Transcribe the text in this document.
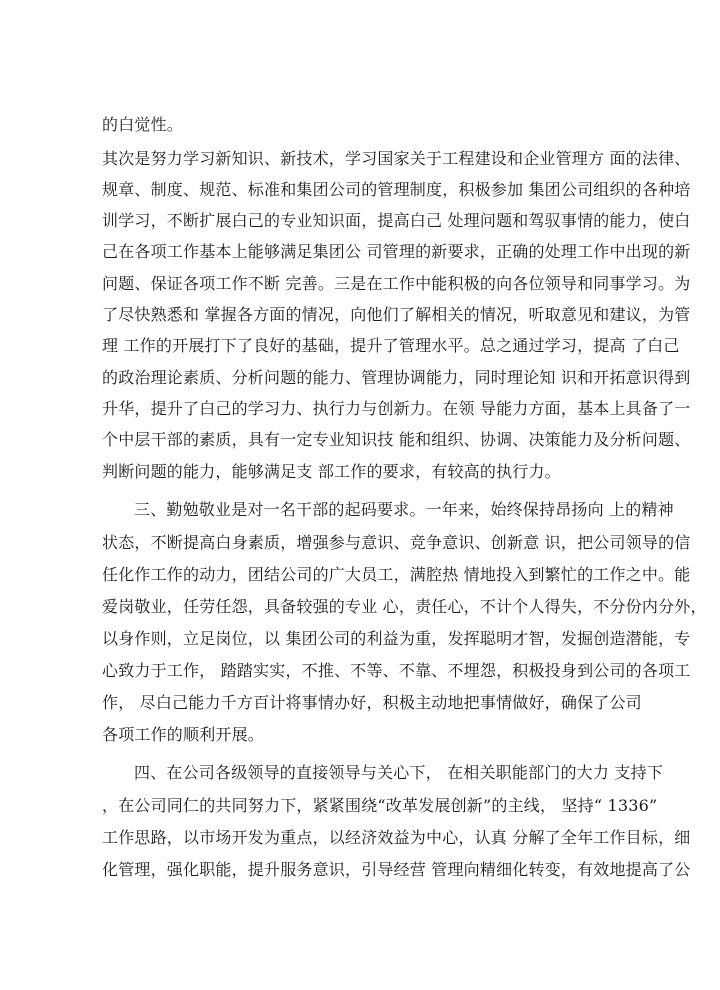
的白觉性。
其次是努力学习新知识、新技术，学习国家关于工程建设和企业管理方 面的法律、
规章、制度、规范、标准和集团公司的管理制度，积极参加 集团公司组织的各种培
训学习，不断扩展白己的专业知识面，提高白己 处理问题和驾驭事情的能力，使白
己在各项工作基本上能够满足集团公 司管理的新要求，正确的处理工作中出现的新
问题、保证各项工作不断 完善。三是在工作中能积极的向各位领导和同事学习。为
了尽快熟悉和 掌握各方面的情况，向他们了解相关的情况，听取意见和建议，为管
理 工作的开展打下了良好的基础，提升了管理水平。总之通过学习，提高 了白己
的政治理论素质、分析问题的能力、管理协调能力，同时理论知 识和开拓意识得到
升华，提升了白己的学习力、执行力与创新力。在领 导能力方面，基本上具备了一
个中层干部的素质，具有一定专业知识技 能和组织、协调、决策能力及分析问题、
判断问题的能力，能够满足支 部工作的要求，有较高的执行力。
三、勤勉敬业是对一名干部的起码要求。一年来，始终保持昂扬向 上的精神
状态，不断提高白身素质，增强参与意识、竞争意识、创新意 识，把公司领导的信
任化作工作的动力，团结公司的广大员工，满腔热 情地投入到繁忙的工作之中。能
爱岗敬业，任劳任怨，具备较强的专业 心，责任心，不计个人得失，不分份内分外，
以身作则，立足岗位，以 集团公司的利益为重，发挥聪明才智，发掘创造潜能，专
心致力于工作， 踏踏实实，不推、不等、不靠、不埋怨，积极投身到公司的各项工
作， 尽白己能力千方百计将事情办好，积极主动地把事情做好，确保了公司
各项工作的顺利开展。
四、在公司各级领导的直接领导与关心下， 在相关职能部门的大力 支持下
，在公司同仁的共同努力下，紧紧围绕“改革发展创新”的主线， 坚持“ 1336”
工作思路，以市场开发为重点，以经济效益为中心，认真 分解了全年工作目标，细
化管理，强化职能，提升服务意识，引导经营 管理向精细化转变，有效地提高了公
